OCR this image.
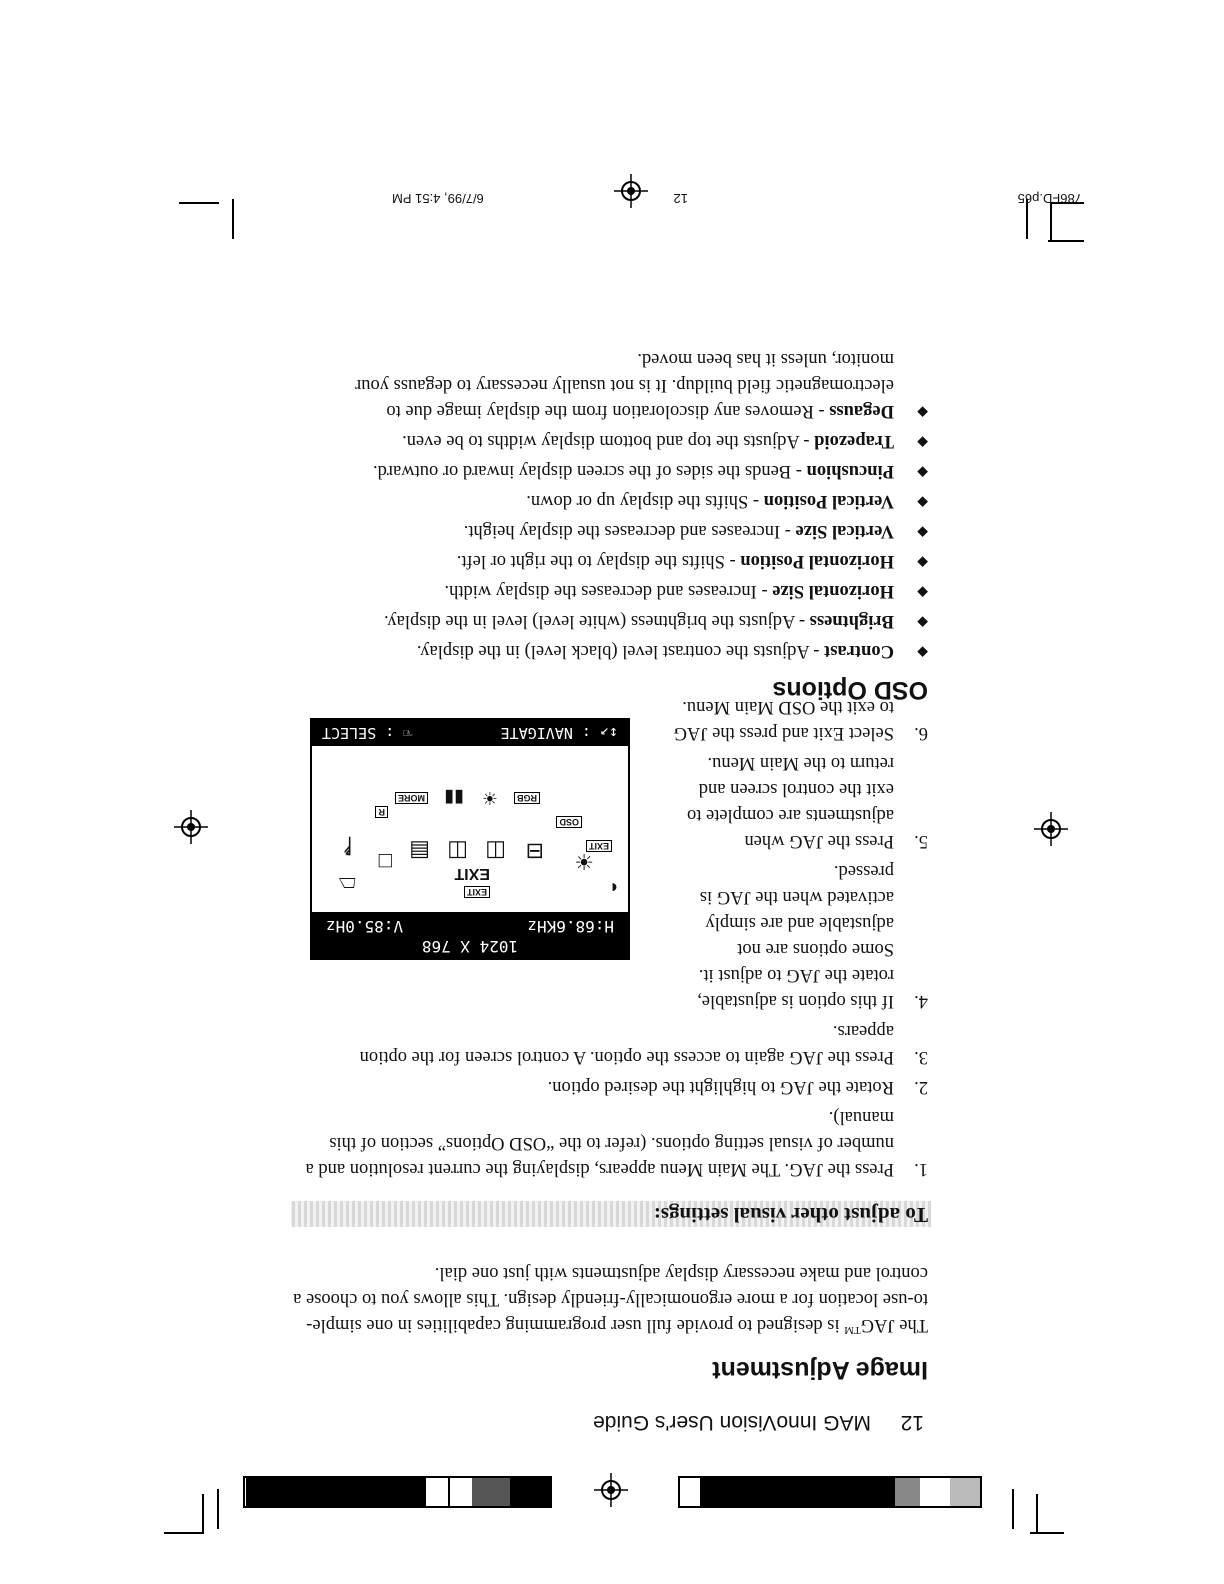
12  MAG InnoVision User's Guide
Image Adjustment
The JAG™ is designed to provide full user programming capabilities in one simple-to-use location for a more ergonomically-friendly design. This allows you to choose a control and make necessary display adjustments with just one dial.
To adjust other visual settings:
1.
Press the JAG. The Main Menu appears, displaying the current resolution and a number of visual setting options. (refer to the “OSD Options” section of this manual).
2.
Rotate the JAG to highlight the desired option.
3.
Press the JAG again to access the option. A control screen for the option appears.
4.
If this option is adjustable, rotate the JAG to adjust it. Some options are not adjustable and are simply activated when the JAG is pressed.
5.
Press the JAG when adjustments are complete to exit the control screen and return to the Main Menu.
6.
Select Exit and press the JAG to exit the OSD Main Menu.
1024 X 768
H:68.6KHz
V:85.0Hz
◐
☀
⊟
◫
◫
▤
□
⏢
ᚡ
EXIT
EXIT
EXIT
OSD
RGB
☀
▮▮
MORE
R
↕↗ : NAVIGATE
☜ : SELECT
OSD Options
◆
Contrast - Adjusts the contrast level (black level) in the display.
◆
Brightness - Adjusts the brightness (white level) level in the display.
◆
Horizontal Size - Increases and decreases the display width.
◆
Horizontal Position - Shifts the display to the right or left.
◆
Vertical Size - Increases and decreases the display height.
◆
Vertical Position - Shifts the display up or down.
◆
Pincushion - Bends the sides of the screen display inward or outward.
◆
Trapezoid - Adjusts the top and bottom display widths to be even.
◆
Degauss - Removes any discoloration from the display image due to electromagnetic field buildup. It is not usually necessary to degauss your monitor, unless it has been moved.
786FD.p65
12
6/7/99, 4:51 PM
